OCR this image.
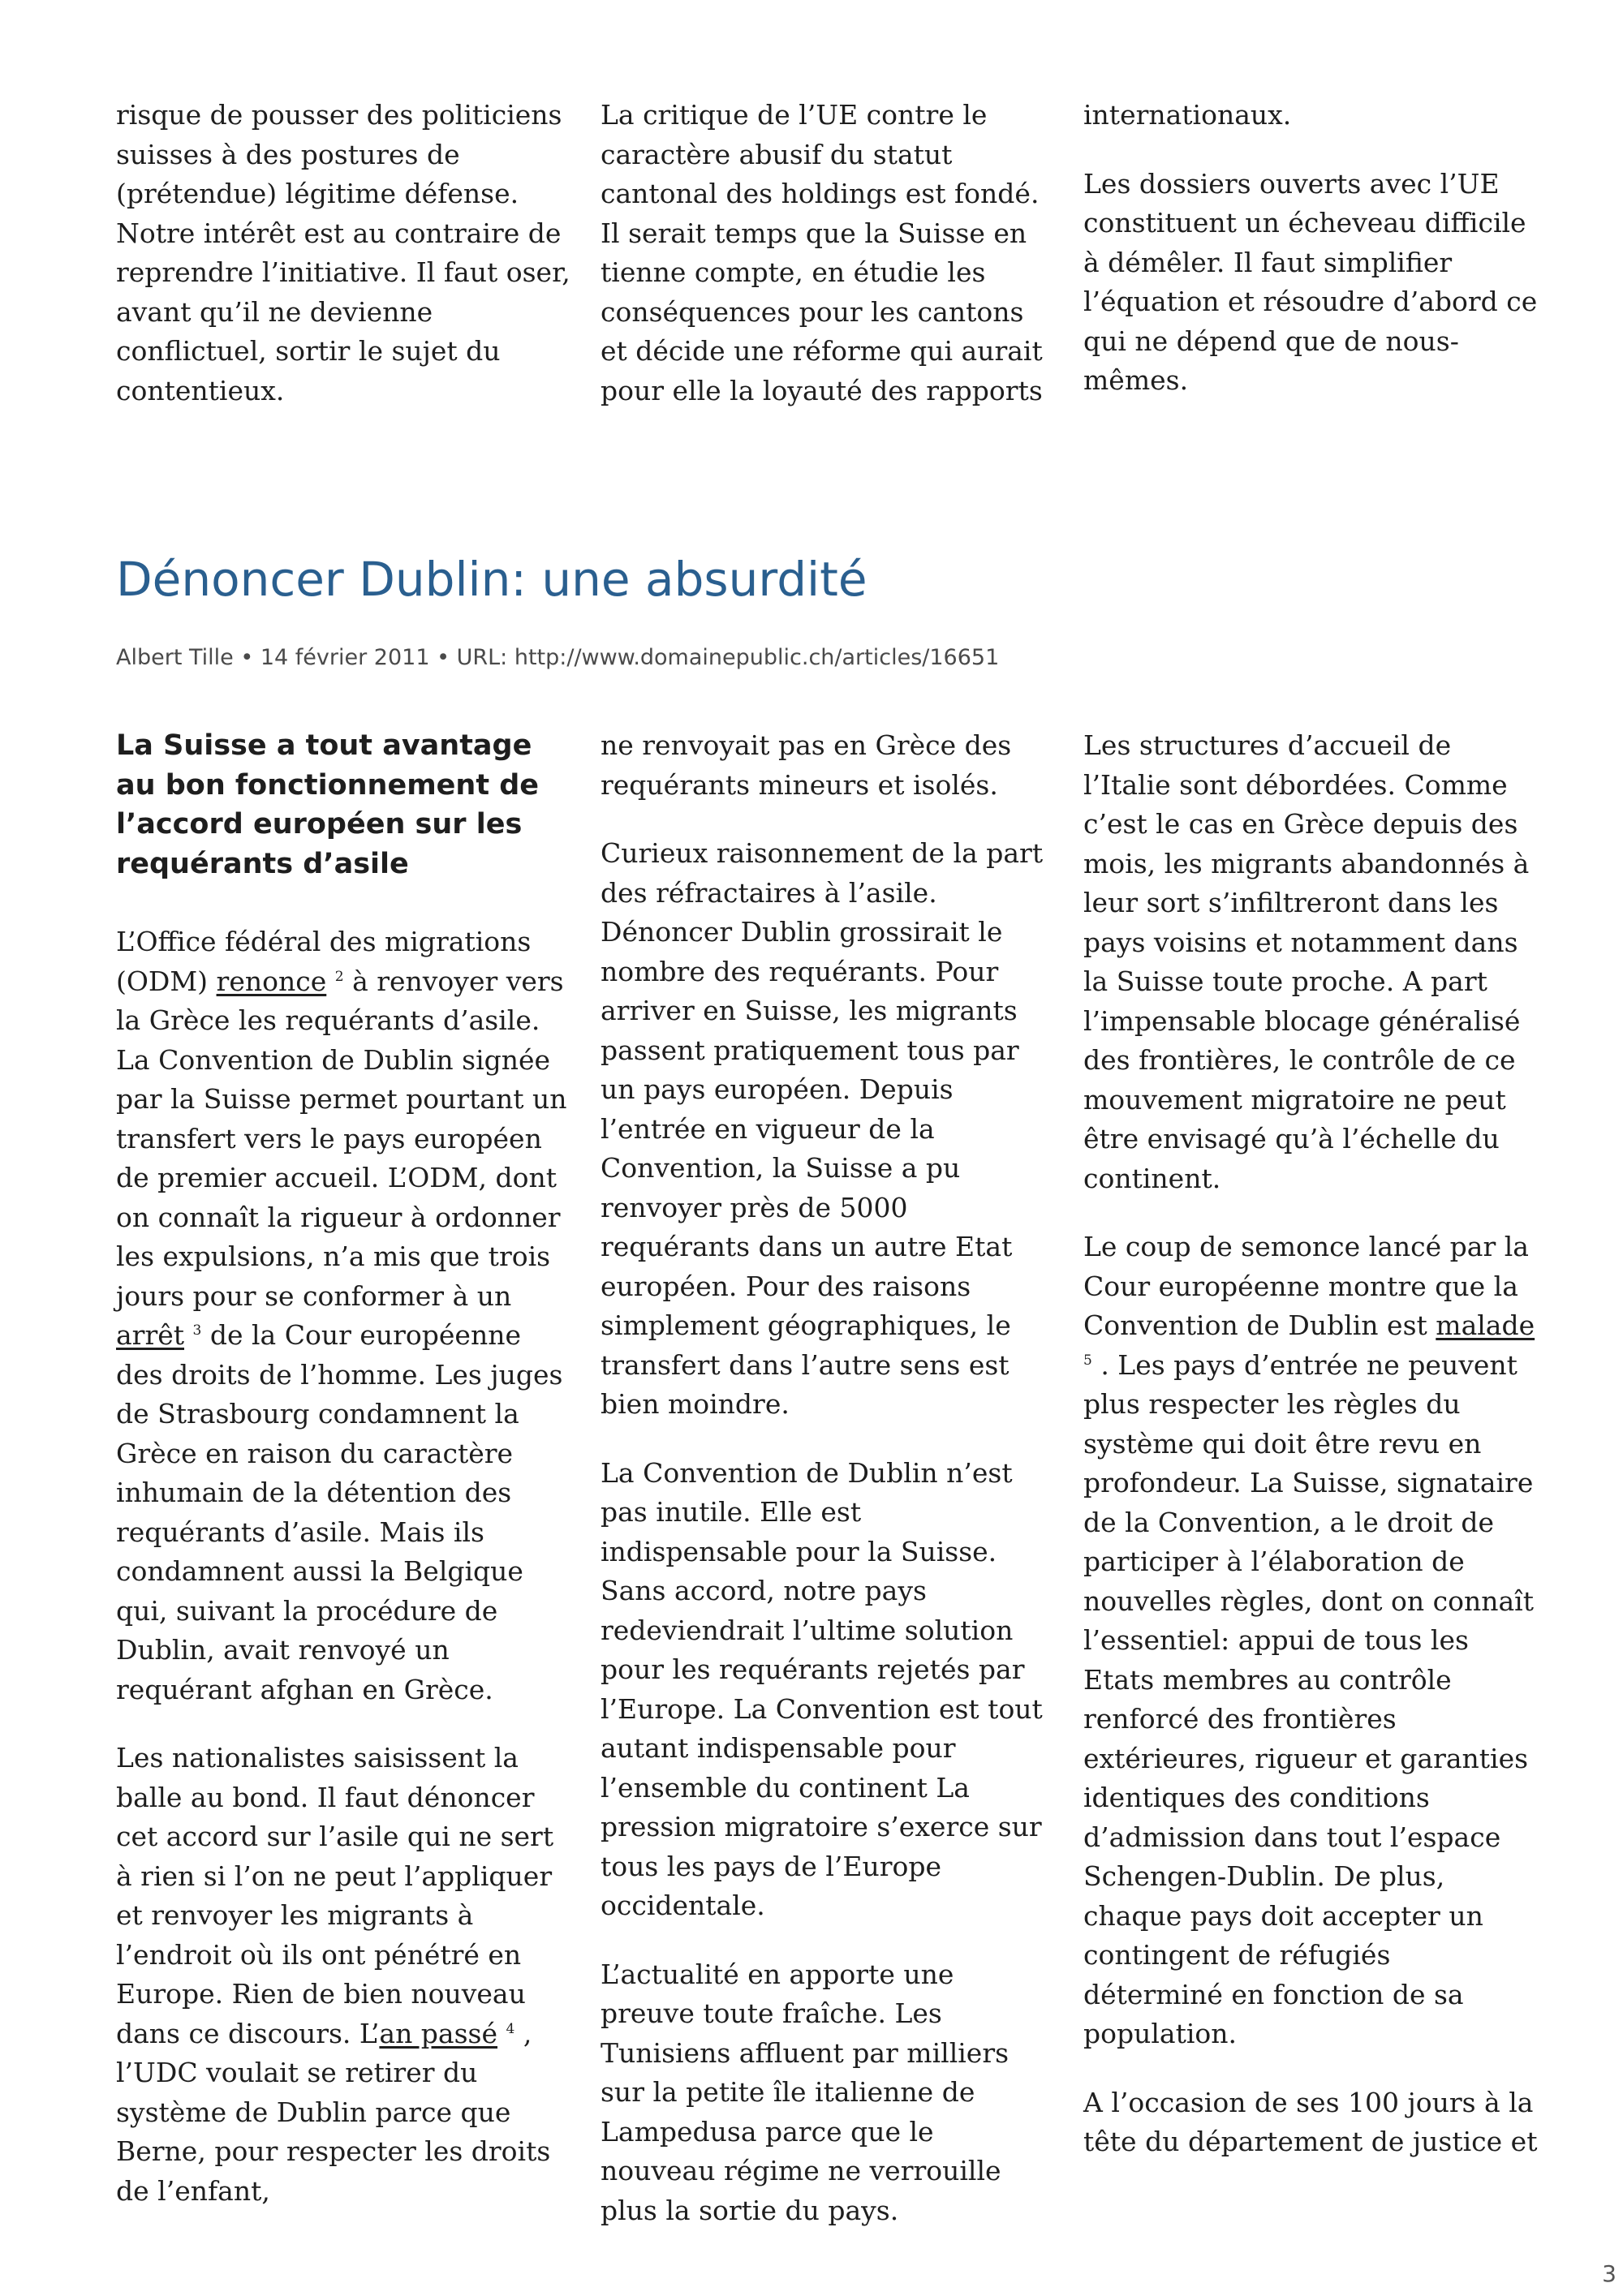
risque de pousser des politiciens suisses à des postures de (prétendue) légitime défense. Notre intérêt est au contraire de reprendre l’initiative. Il faut oser, avant qu’il ne devienne conflictuel, sortir le sujet du contentieux.

La critique de l’UE contre le caractère abusif du statut cantonal des holdings est fondé. Il serait temps que la Suisse en tienne compte, en étudie les conséquences pour les cantons et décide une réforme qui aurait pour elle la loyauté des rapports

internationaux.

Les dossiers ouverts avec l’UE constituent un écheveau difficile à démêler. Il faut simplifier l’équation et résoudre d’abord ce qui ne dépend que de nous-mêmes.

Dénoncer Dublin: une absurdité
Albert Tille • 14 février 2011 • URL: http://www.domainepublic.ch/articles/16651

La Suisse a tout avantage au bon fonctionnement de l’accord européen sur les requérants d’asile

L’Office fédéral des migrations (ODM) renonce $^2$ à renvoyer vers la Grèce les requérants d’asile. La Convention de Dublin signée par la Suisse permet pourtant un transfert vers le pays européen de premier accueil. L’ODM, dont on connaît la rigueur à ordonner les expulsions, n’a mis que trois jours pour se conformer à un arrêt $^3$ de la Cour européenne des droits de l’homme. Les juges de Strasbourg condamnent la Grèce en raison du caractère inhumain de la détention des requérants d’asile. Mais ils condamnent aussi la Belgique qui, suivant la procédure de Dublin, avait renvoyé un requérant afghan en Grèce.

Les nationalistes saisissent la balle au bond. Il faut dénoncer cet accord sur l’asile qui ne sert à rien si l’on ne peut l’appliquer et renvoyer les migrants à l’endroit où ils ont pénétré en Europe. Rien de bien nouveau dans ce discours. L’an passé $^4$ , l’UDC voulait se retirer du système de Dublin parce que Berne, pour respecter les droits de l’enfant,

ne renvoyait pas en Grèce des requérants mineurs et isolés.

Curieux raisonnement de la part des réfractaires à l’asile. Dénoncer Dublin grossirait le nombre des requérants. Pour arriver en Suisse, les migrants passent pratiquement tous par un pays européen. Depuis l’entrée en vigueur de la Convention, la Suisse a pu renvoyer près de 5000 requérants dans un autre Etat européen. Pour des raisons simplement géographiques, le transfert dans l’autre sens est bien moindre.

La Convention de Dublin n’est pas inutile. Elle est indispensable pour la Suisse. Sans accord, notre pays redeviendrait l’ultime solution pour les requérants rejetés par l’Europe. La Convention est tout autant indispensable pour l’ensemble du continent La pression migratoire s’exerce sur tous les pays de l’Europe occidentale.

L’actualité en apporte une preuve toute fraîche. Les Tunisiens affluent par milliers sur la petite île italienne de Lampedusa parce que le nouveau régime ne verrouille plus la sortie du pays.

Les structures d’accueil de l’Italie sont débordées. Comme c’est le cas en Grèce depuis des mois, les migrants abandonnés à leur sort s’infiltreront dans les pays voisins et notamment dans la Suisse toute proche. A part l’impensable blocage généralisé des frontières, le contrôle de ce mouvement migratoire ne peut être envisagé qu’à l’échelle du continent.

Le coup de semonce lancé par la Cour européenne montre que la Convention de Dublin est malade $^5$ . Les pays d’entrée ne peuvent plus respecter les règles du système qui doit être revu en profondeur. La Suisse, signataire de la Convention, a le droit de participer à l’élaboration de nouvelles règles, dont on connaît l’essentiel: appui de tous les Etats membres au contrôle renforcé des frontières extérieures, rigueur et garanties identiques des conditions d’admission dans tout l’espace Schengen-Dublin. De plus, chaque pays doit accepter un contingent de réfugiés déterminé en fonction de sa population.

A l’occasion de ses 100 jours à la tête du département de justice et

3
